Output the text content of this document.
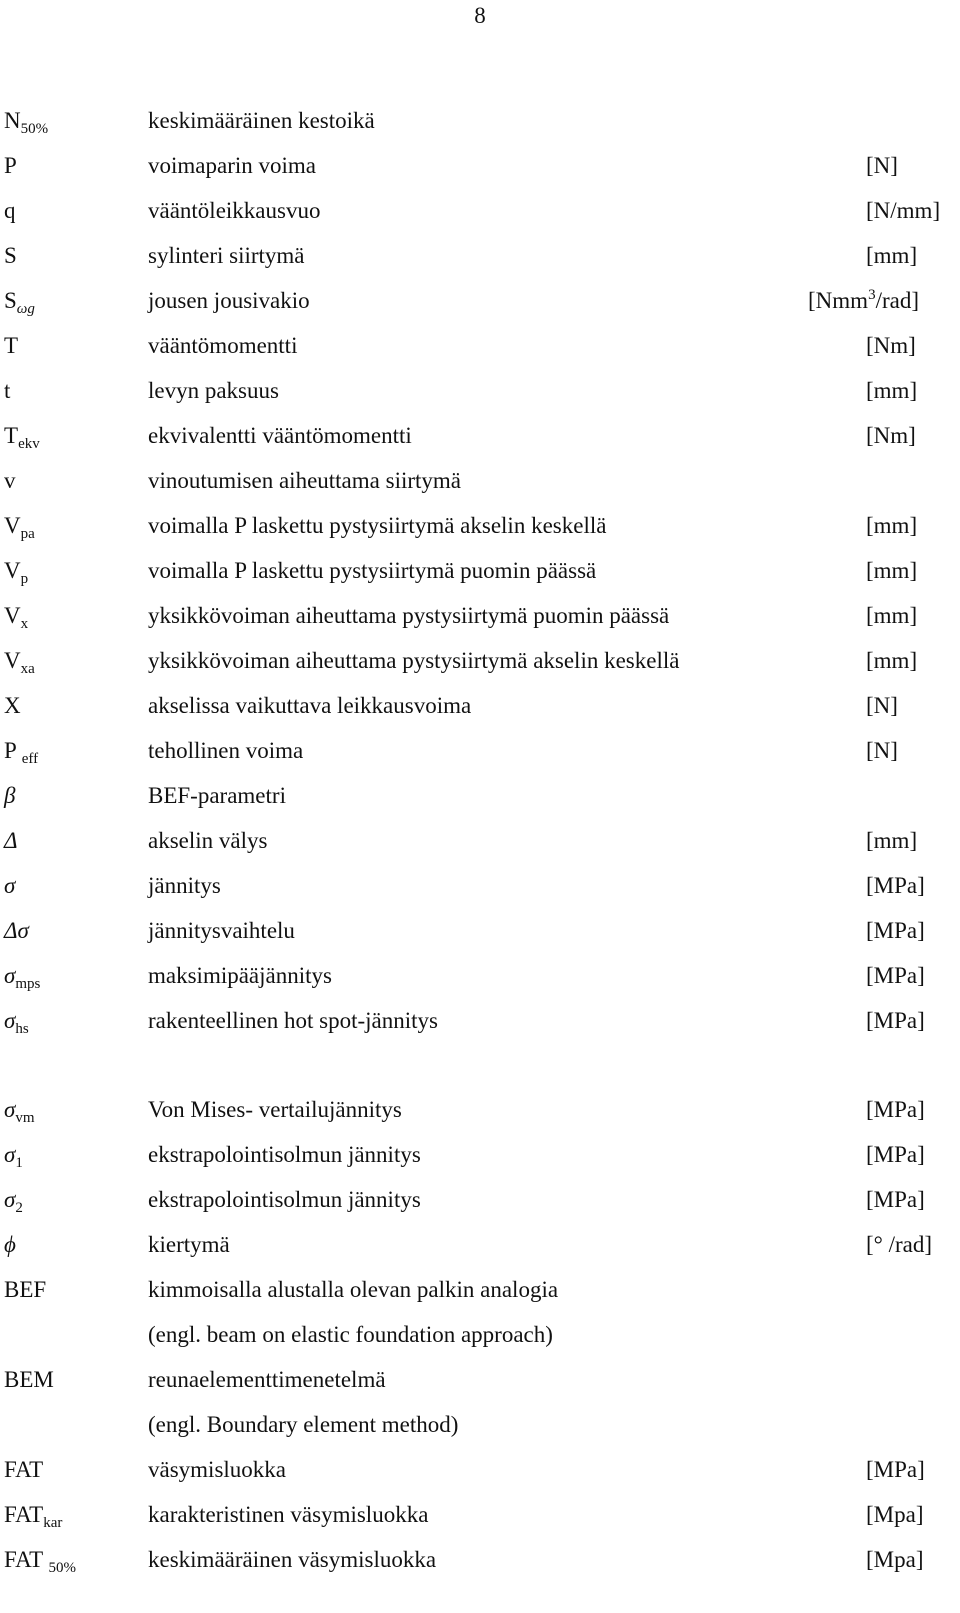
8
$N_{50\%}$	keskimääräinen kestoikä
P	voimaparin voima	[N]
q	vääntöleikkausvuo	[N/mm]
S	sylinteri siirtymä	[mm]
$S_{\omega g}$	jousen jousivakio	[Nmm$^3$/rad]
T	vääntömomentti	[Nm]
t	levyn paksuus	[mm]
$T_{ekv}$	ekvivalentti vääntömomentti	[Nm]
v	vinoutumisen aiheuttama siirtymä
$V_{pa}$	voimalla P laskettu pystysiirtymä akselin keskellä	[mm]
$V_p$	voimalla P laskettu pystysiirtymä puomin päässä	[mm]
$V_x$	yksikkövoiman aiheuttama pystysiirtymä puomin päässä	[mm]
$V_{xa}$	yksikkövoiman aiheuttama pystysiirtymä akselin keskellä	[mm]
X	akselissa vaikuttava leikkausvoima	[N]
P $_{eff}$	tehollinen voima	[N]
β	BEF-parametri
Δ	akselin välys	[mm]
σ	jännitys	[MPa]
Δσ	jännitysvaihtelu	[MPa]
$\sigma_{mps}$	maksimipääjännitys	[MPa]
$\sigma_{hs}$	rakenteellinen hot spot-jännitys	[MPa]
$\sigma_{vm}$	Von Mises- vertailujännitys	[MPa]
$\sigma_1$	ekstrapolointisolmun jännitys	[MPa]
$\sigma_2$	ekstrapolointisolmun jännitys	[MPa]
ϕ	kiertymä	[° /rad]
BEF	kimmoisalla alustalla olevan palkin analogia
(engl. beam on elastic foundation approach)
BEM	reunaelementtimenetelmä
(engl. Boundary element method)
FAT	väsymisluokka	[MPa]
$FAT_{kar}$	karakteristinen väsymisluokka	[Mpa]
FAT $_{50\%}$	keskimääräinen väsymisluokka	[Mpa]
